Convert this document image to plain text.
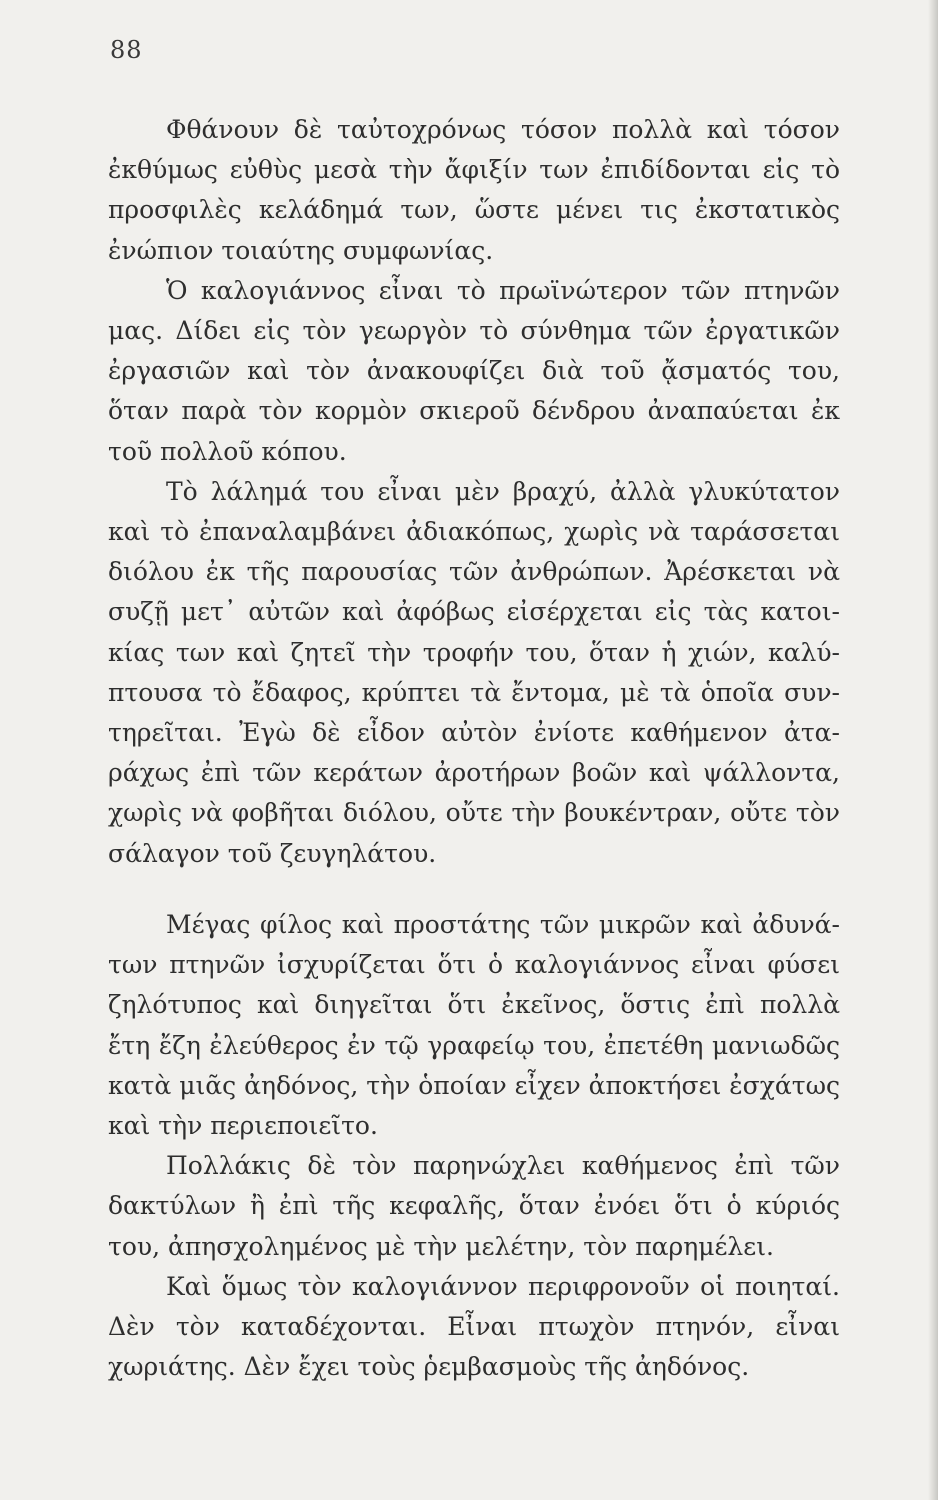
88

Φθάνουν δὲ ταὐτοχρόνως τόσον πολλὰ καὶ τόσον ἐκθύμως εὐθὺς μεσὰ τὴν ἄφιξίν των ἐπιδίδονται εἰς τὸ προσφιλὲς κελάδημά των, ὥστε μένει τις ἐκστατικὸς ἐνώπιον τοιαύτης συμφωνίας.

Ὁ καλογιάννος εἶναι τὸ πρωϊνώτερον τῶν πτηνῶν μας. Δίδει εἰς τὸν γεωργὸν τὸ σύνθημα τῶν ἐργατικῶν ἐργασιῶν καὶ τὸν ἀνακουφίζει διὰ τοῦ ᾄσματός του, ὅταν παρὰ τὸν κορμὸν σκιεροῦ δένδρου ἀναπαύεται ἐκ τοῦ πολλοῦ κόπου.

Τὸ λάλημά του εἶναι μὲν βραχύ, ἀλλὰ γλυκύτατον καὶ τὸ ἐπαναλαμβάνει ἀδιακόπως, χωρὶς νὰ ταράσσεται διόλου ἐκ τῆς παρουσίας τῶν ἀνθρώπων. Ἀρέσκεται νὰ συζῇ μετ᾿ αὐτῶν καὶ ἀφόβως εἰσέρχεται εἰς τὰς κατοικίας των καὶ ζητεῖ τὴν τροφήν του, ὅταν ἡ χιών, καλύπτουσα τὸ ἔδαφος, κρύπτει τὰ ἔντομα, μὲ τὰ ὁποῖα συντηρεῖται. Ἐγὼ δὲ εἶδον αὐτὸν ἐνίοτε καθήμενον ἀταράχως ἐπὶ τῶν κεράτων ἀροτήρων βοῶν καὶ ψάλλοντα, χωρὶς νὰ φοβῆται διόλου, οὔτε τὴν βουκέντραν, οὔτε τὸν σάλαγον τοῦ ζευγηλάτου.

Μέγας φίλος καὶ προστάτης τῶν μικρῶν καὶ ἀδυνάτων πτηνῶν ἰσχυρίζεται ὅτι ὁ καλογιάννος εἶναι φύσει ζηλότυπος καὶ διηγεῖται ὅτι ἐκεῖνος, ὅστις ἐπὶ πολλὰ ἔτη ἔζη ἐλεύθερος ἐν τῷ γραφείῳ του, ἐπετέθη μανιωδῶς κατὰ μιᾶς ἀηδόνος, τὴν ὁποίαν εἶχεν ἀποκτήσει ἐσχάτως καὶ τὴν περιεποιεῖτο.

Πολλάκις δὲ τὸν παρηνώχλει καθήμενος ἐπὶ τῶν δακτύλων ἢ ἐπὶ τῆς κεφαλῆς, ὅταν ἐνόει ὅτι ὁ κύριός του, ἀπησχολημένος μὲ τὴν μελέτην, τὸν παρημέλει.

Καὶ ὅμως τὸν καλογιάννον περιφρονοῦν οἱ ποιηταί. Δὲν τὸν καταδέχονται. Εἶναι πτωχὸν πτηνόν, εἶναι χωριάτης. Δὲν ἔχει τοὺς ῥεμβασμοὺς τῆς ἀηδόνος.
